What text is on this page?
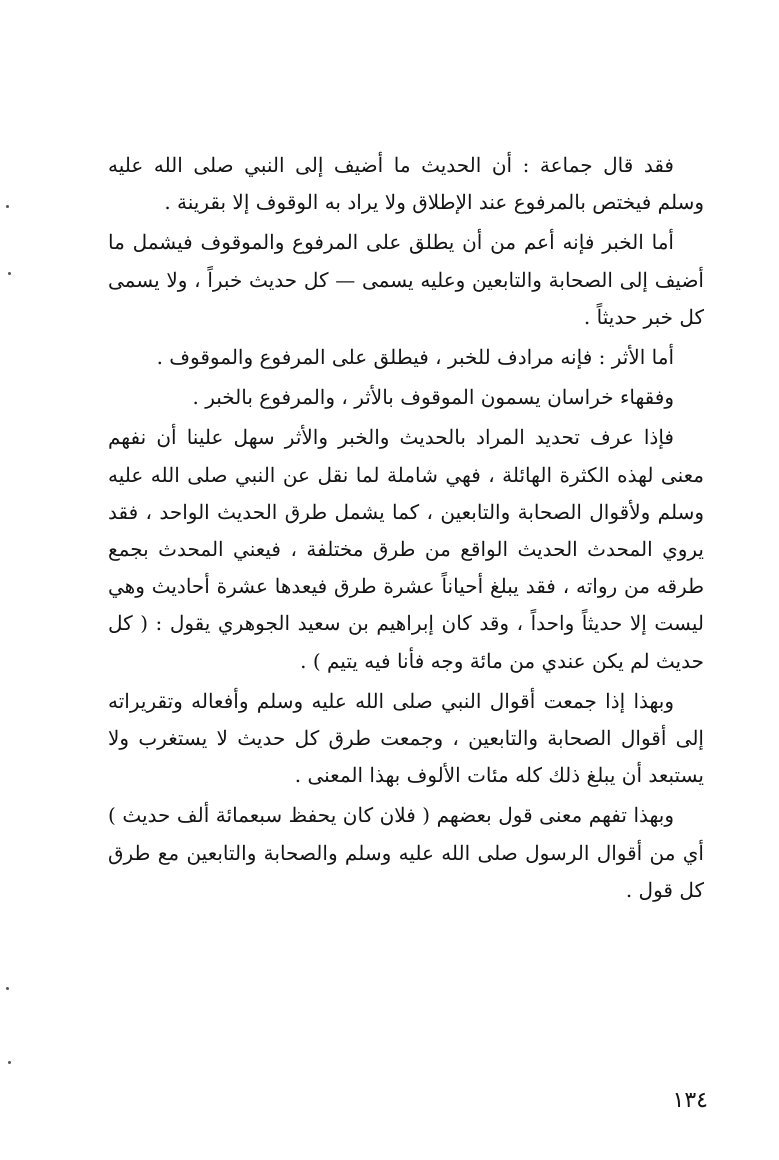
فقد قال جماعة : أن الحديث ما أضيف إلى النبي صلى الله عليه وسلم فيختص بالمرفوع عند الإطلاق ولا يراد به الوقوف إلا بقرينة .

أما الخبر فإنه أعم من أن يطلق على المرفوع والموقوف فيشمل ما أضيف إلى الصحابة والتابعين وعليه يسمى — كل حديث خبراً ، ولا يسمى كل خبر حديثاً .

أما الأثر : فإنه مرادف للخبر ، فيطلق على المرفوع والموقوف .

وفقهاء خراسان يسمون الموقوف بالأثر ، والمرفوع بالخبر .

فإذا عرف تحديد المراد بالحديث والخبر والأثر سهل علينا أن نفهم معنى لهذه الكثرة الهائلة ، فهي شاملة لما نقل عن النبي صلى الله عليه وسلم ولأقوال الصحابة والتابعين ، كما يشمل طرق الحديث الواحد ، فقد يروي المحدث الحديث الواقع من طرق مختلفة ، فيعني المحدث بجمع طرقه من رواته ، فقد يبلغ أحياناً عشرة طرق فيعدها عشرة أحاديث وهي ليست إلا حديثاً واحداً ، وقد كان إبراهيم بن سعيد الجوهري يقول : ( كل حديث لم يكن عندي من مائة وجه فأنا فيه يتيم ) .

وبهذا إذا جمعت أقوال النبي صلى الله عليه وسلم وأفعاله وتقريراته إلى أقوال الصحابة والتابعين ، وجمعت طرق كل حديث لا يستغرب ولا يستبعد أن يبلغ ذلك كله مئات الألوف بهذا المعنى .

وبهذا تفهم معنى قول بعضهم ( فلان كان يحفظ سبعمائة ألف حديث ) أي من أقوال الرسول صلى الله عليه وسلم والصحابة والتابعين مع طرق كل قول .

١٣٤
